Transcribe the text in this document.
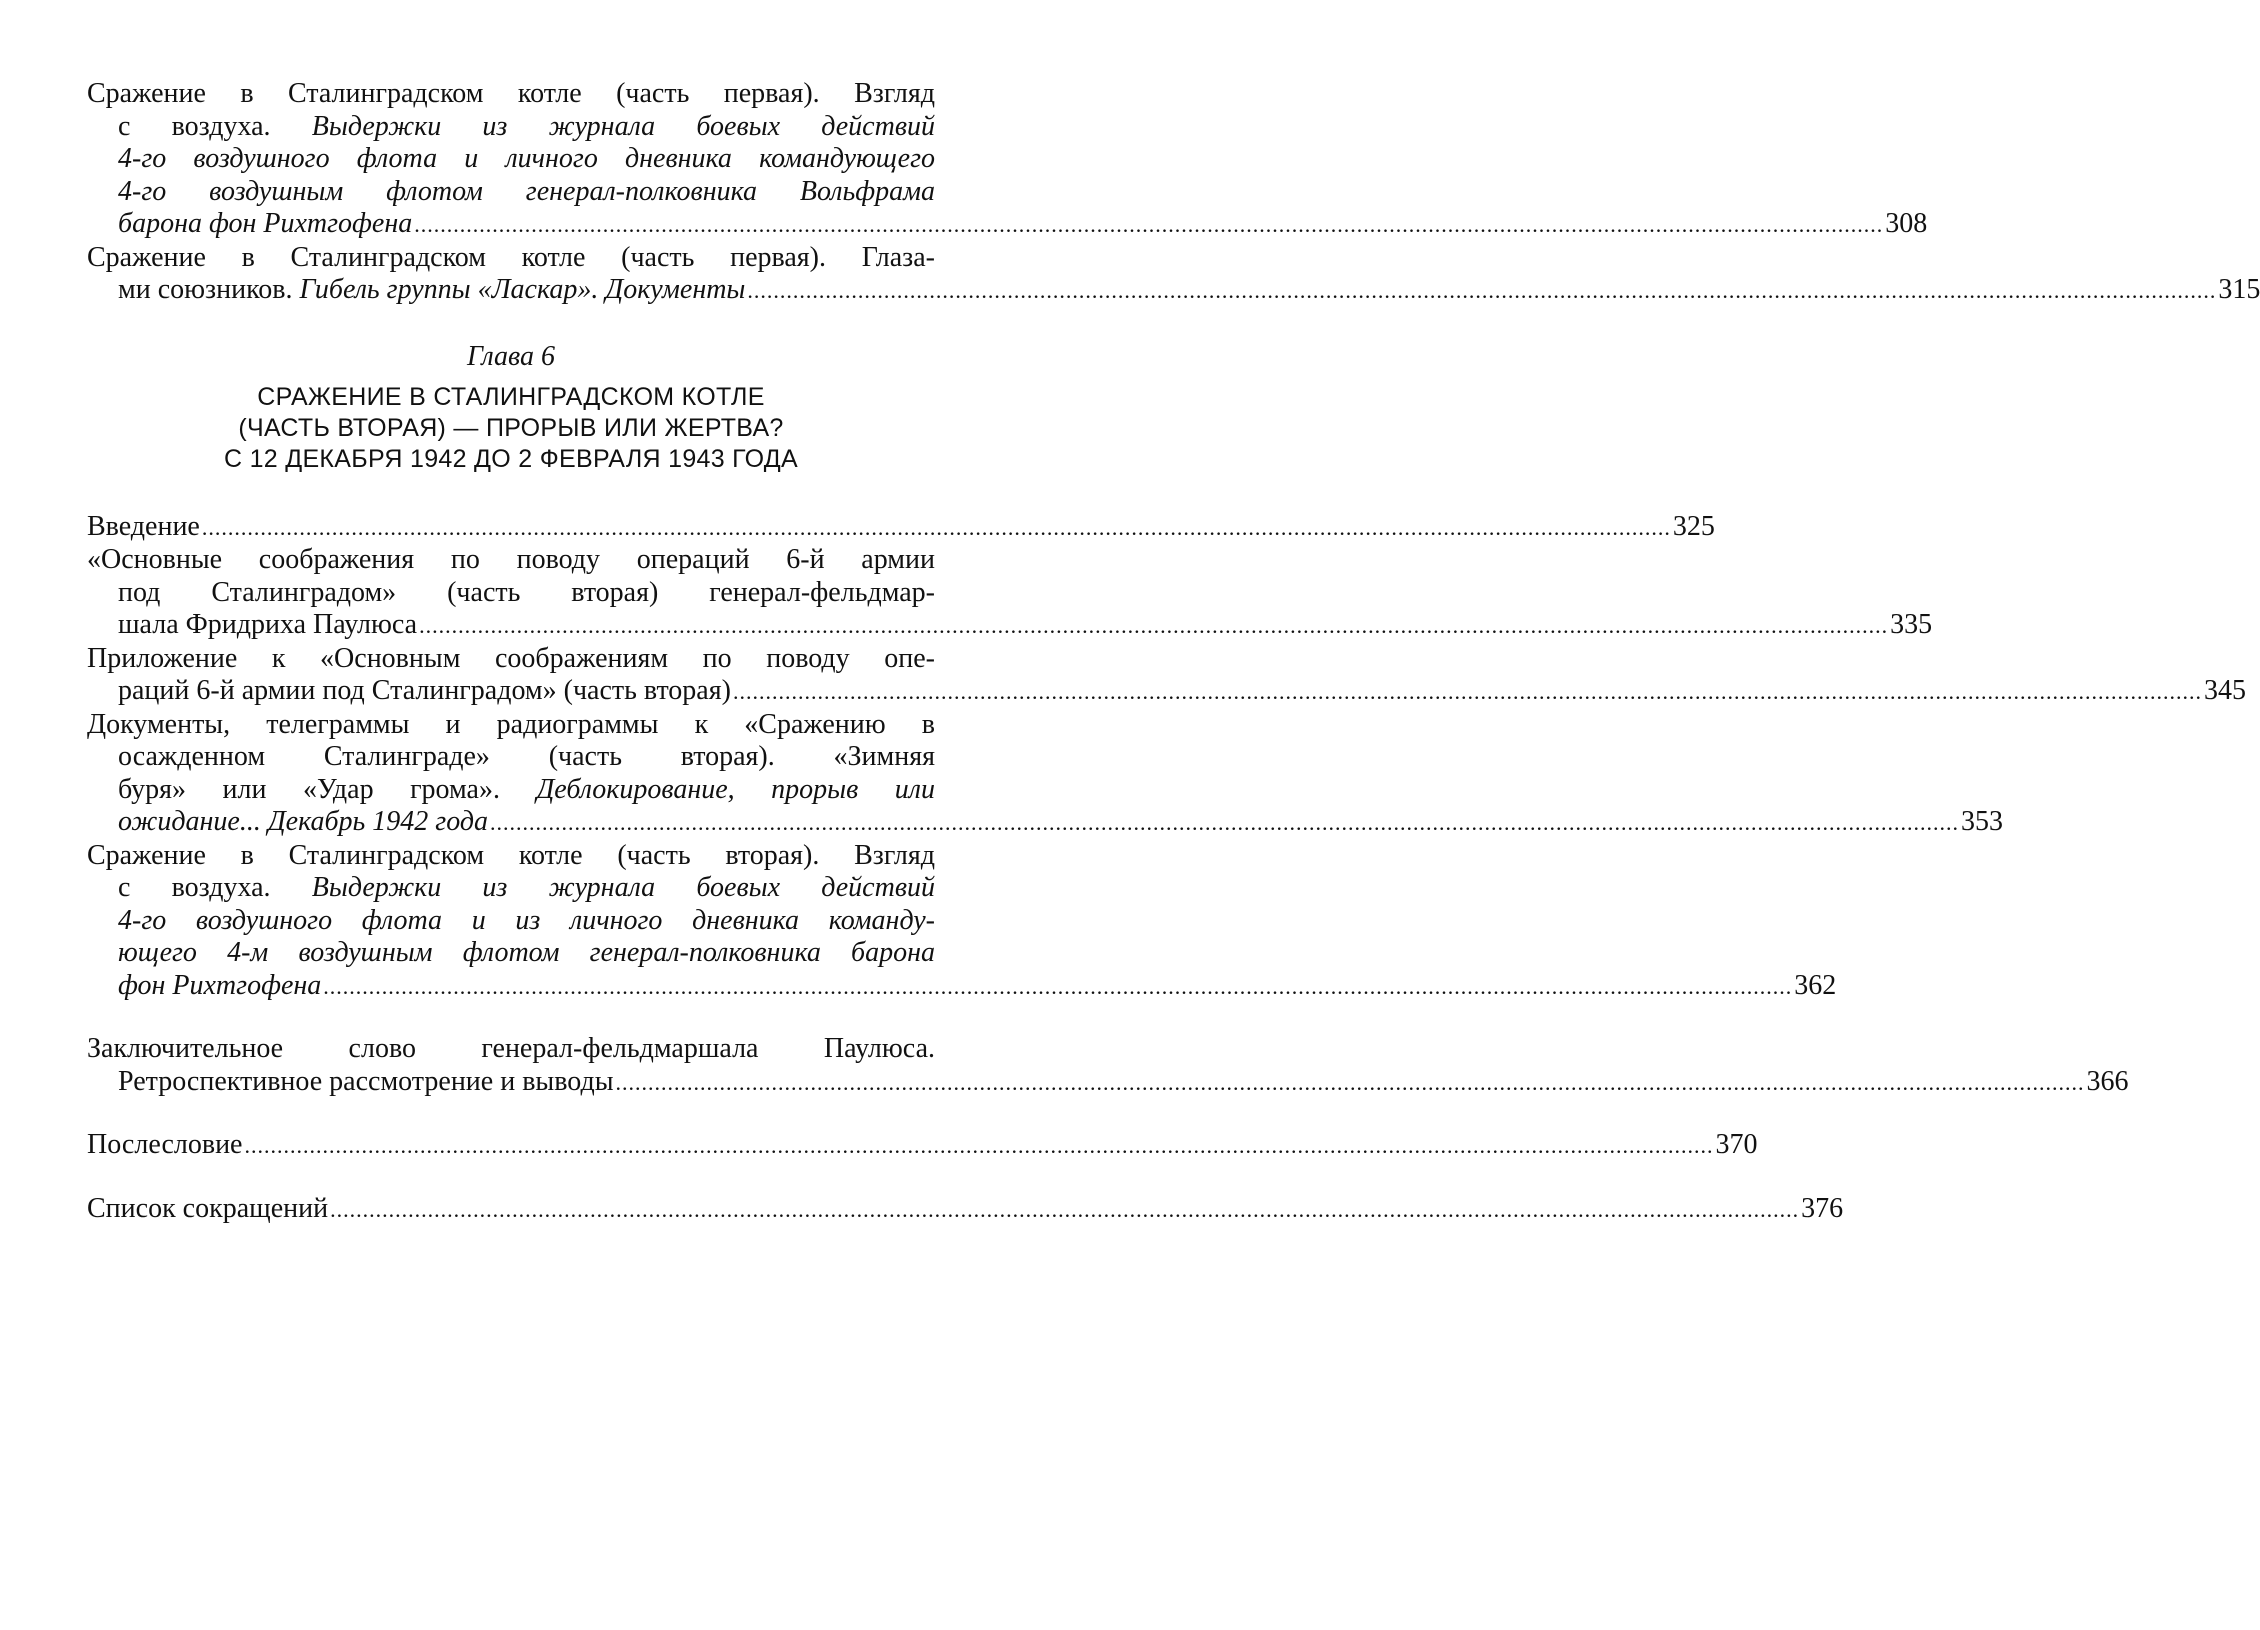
Сражение в Сталинградском котле (часть первая). Взгляд
с воздуха. Выдержки из журнала боевых действий
4-го воздушного флота и личного дневника командующего
4-го воздушным флотом генерал-полковника Вольфрама
барона фон Рихтгофена .....	308
Сражение в Сталинградском котле (часть первая). Глаза-
ми союзников. Гибель группы «Ласкар». Документы .....	315
Глава 6
СРАЖЕНИЕ В СТАЛИНГРАДСКОМ КОТЛЕ
(ЧАСТЬ ВТОРАЯ) — ПРОРЫВ ИЛИ ЖЕРТВА?
С 12 ДЕКАБРЯ 1942 ДО 2 ФЕВРАЛЯ 1943 ГОДА
Введение .....	325
«Основные соображения по поводу операций 6-й армии
под Сталинградом» (часть вторая) генерал-фельдмар-
шала Фридриха Паулюса .....	335
Приложение к «Основным соображениям по поводу опе-
раций 6-й армии под Сталинградом» (часть вторая) .....	345
Документы, телеграммы и радиограммы к «Сражению в
осажденном Сталинграде» (часть вторая). «Зимняя
буря» или «Удар грома». Деблокирование, прорыв или
ожидание... Декабрь 1942 года .....	353
Сражение в Сталинградском котле (часть вторая). Взгляд
с воздуха. Выдержки из журнала боевых действий
4-го воздушного флота и из личного дневника команду-
ющего 4-м воздушным флотом генерал-полковника барона
фон Рихтгофена .....	362
Заключительное слово генерал-фельдмаршала Паулюса.
Ретроспективное рассмотрение и выводы .....	366
Послесловие .....	370
Список сокращений .....	376
